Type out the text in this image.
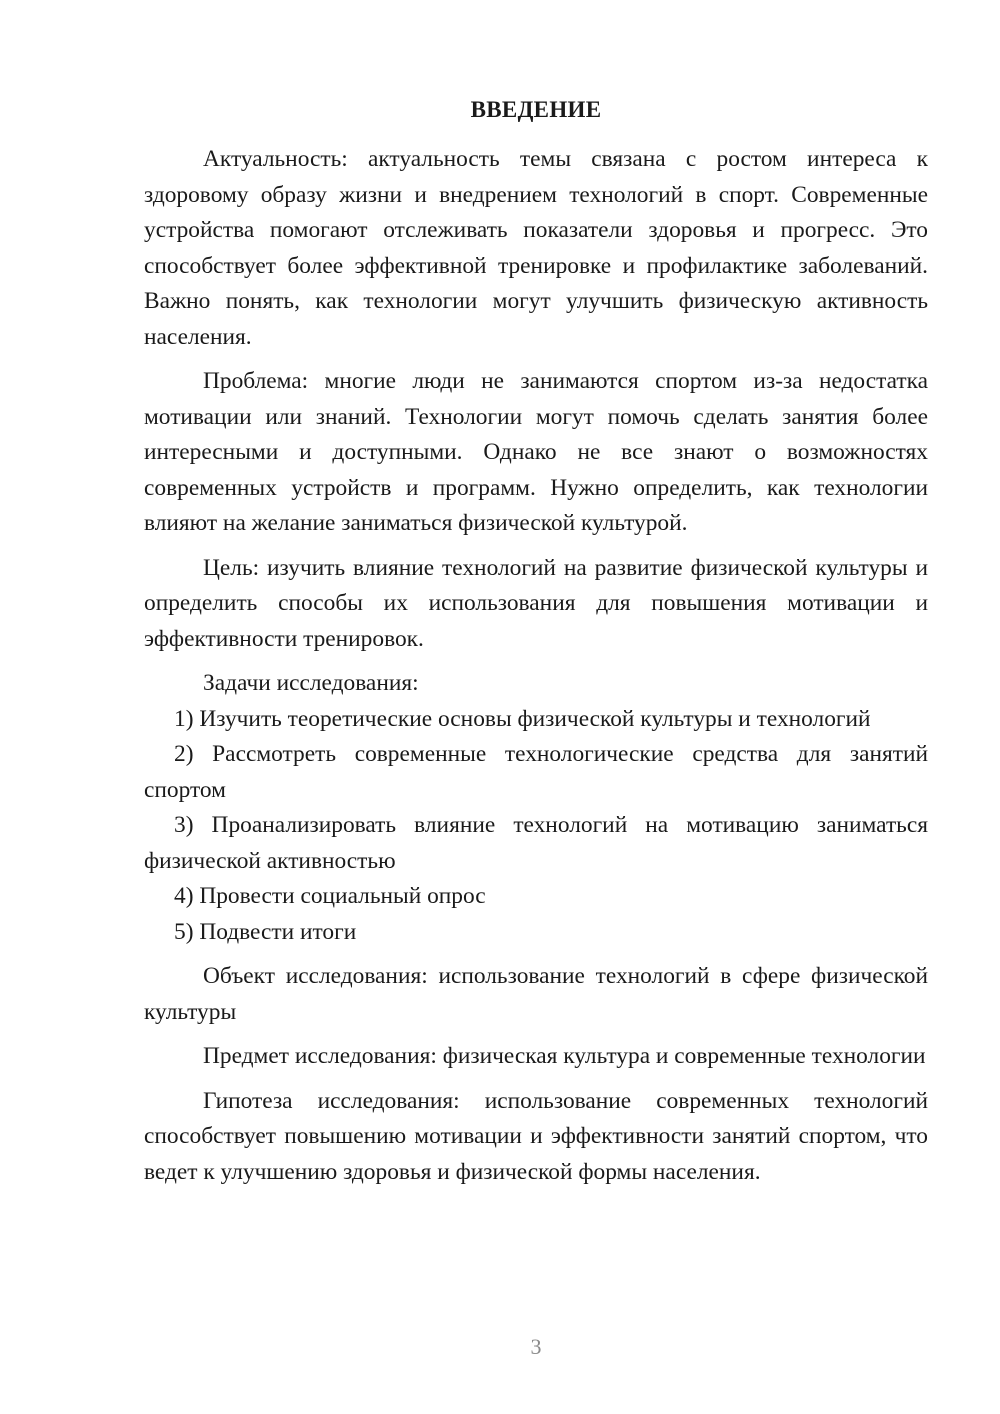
ВВЕДЕНИЕ

Актуальность: актуальность темы связана с ростом интереса к здоровому образу жизни и внедрением технологий в спорт. Современные устройства помогают отслеживать показатели здоровья и прогресс. Это способствует более эффективной тренировке и профилактике заболеваний. Важно понять, как технологии могут улучшить физическую активность населения.

Проблема: многие люди не занимаются спортом из-за недостатка мотивации или знаний. Технологии могут помочь сделать занятия более интересными и доступными. Однако не все знают о возможностях современных устройств и программ. Нужно определить, как технологии влияют на желание заниматься физической культурой.

Цель: изучить влияние технологий на развитие физической культуры и определить способы их использования для повышения мотивации и эффективности тренировок.

Задачи исследования:

1) Изучить теоретические основы физической культуры и технологий

2) Рассмотреть современные технологические средства для занятий спортом

3) Проанализировать влияние технологий на мотивацию заниматься физической активностью

4) Провести социальный опрос

5) Подвести итоги

Объект исследования: использование технологий в сфере физической культуры

Предмет исследования: физическая культура и современные технологии

Гипотеза исследования: использование современных технологий способствует повышению мотивации и эффективности занятий спортом, что ведет к улучшению здоровья и физической формы населения.

3
